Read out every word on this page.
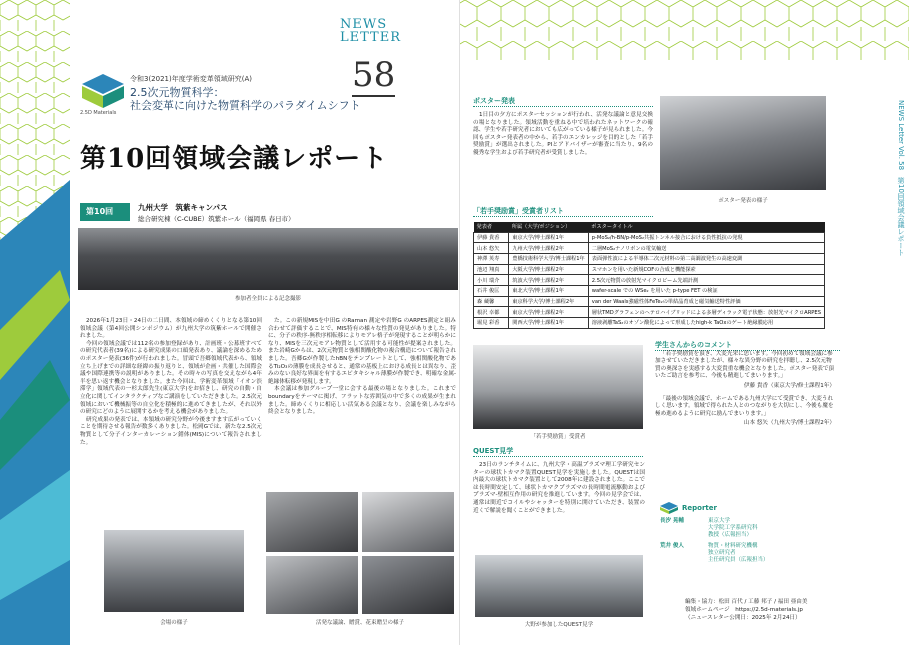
NEWS
LETTER
58
2.5D Materials
令和3(2021)年度学術変革領域研究(A)
2.5次元物質科学：
社会変革に向けた物質科学のパラダイムシフト
第10回領域会議レポート
第10回	九州大学　筑紫キャンパス
総合研究棟（C-CUBE）筑紫ホール（福岡県 春日市）
参加者全員による記念撮影

2026年1月23日・24日の二日間、本領域の締めくくりとなる第10回領域会議（第4回公開シンポジウム）が九州大学の筑紫ホールで開催されました。

今回の領域会議では112名の参加登録があり、計画班・公募班すべての研究代表者(39名)による研究成果の口頭発表あり、議論を深めるためのポスター発表(36件)が行われました。冒頭で吾郷領域代表から、領域立ち上げまでの詳細な経緯の振り返りと、領域が企画・共催した国際会議や国際連携等の説明がありました。その時々の写真を交えながら4年半を思い返す機会となりました。また今回は、学術変革領域「イオン渋滞学」領域代表の一杉太郎先生(東京大学)をお招きし、研究の自動・自立化に関してインタラクティブなご講演をしていただきました。2.5次元領域において機械振等の自立化を積極的に進めてきましたが、それ以外の研究にどのように展開するかを考える機会がありました。

研究成果の発表では、本領域の研究分野が今後ますます広がっていくことを期待させる報告が数多くありました。松岡Gでは、新たな2.5次元物質として分子インターカレーション錯体(MIS)について報告されました。

た。この新規MISを中田G のRaman 測定や岩野G のARPES測定と組み合わせて評価することで、MIS特有の様々な性質の発見がありました。特に、分子の秩序-無秩序相転移によりモアレ格子が発現することが明らかになり、MISを三次元モアレ物質として活用する可能性が提案されました。また岩崎Gからは、2次元物質と強相関酸化物の複合構造について報告されました。吾郷Gが作製したhBNをテンプレートとして、強相関酸化物であるTi₂O₃の薄膜を成長させると、通常の基板上における成長とは異なり、歪みのない良好な界面を有するエピタキシャル薄膜が作製でき、明確な金属-絶縁体転移が発現します。

本会議は参加グループ一堂に会する最後の場となりました。これまでboundaryをテーマに掲げ、フラットな雰囲気の中で多くの成果が生まれました。締めくくりに相応しい活気ある会議となり、会議を楽しみながら終会となりました。

会場の様子	活発な議論、贈賞、花束贈呈の様子
ポスター発表
1日目の夕方にポスターセッションが行われ、活発な議論と意見交換の場となりました。領域活動を重ねる中で培われたネットワークの確認、学生や若手研究者においても広がっている様子が見られました。今回もポスター発表者の中から、若手のエンカレッジを目的とした「若手奨励賞」が選出されました。PIとアドバイザーが審査に当たり、9名の優秀な学生および若手研究者が受賞しました。
ポスター発表の様子
「若手奨励賞」受賞者リスト
発表者	所属（大学/ポジション）	ポスタータイトル
伊藤 貴香	東京大学/博士課程1年	p-MoS₂/h-BN/p-MoS₂共振トンネル接合における負性抵抗の発現
山本 悠矢	九州大学/博士課程2年	二層MoS₂ナノリボンの電気輸送
神澤 英寿	豊橋技術科学大学/博士課程1年	表面弾性波による半導体二次元材料の第二高調波発生の高速変調
池辺 翔真	大阪大学/博士課程2年	スマホンを用いた新規COFの合成と機能探索
小川 瑞介	筑波大学/博士課程2年	2.5次元物質の放射光マイクロビーム先端計測
石井 俊匡	東北大学/博士課程1年	wafer-scale での WSe₂ を用いた p-type FET の検証
森 蔵馨	東京科学大学/博士課程2年	van der Waals強磁性体FeTe₂の単結晶育成と磁気輸送特性評価
根沢 幸都	東京大学/博士課程2年	層状TMDグラフェンのヘテロハイブリッドによる多層ディラック電子状態：放射光マイクロARPES
堀見 彩香	関西大学/博士課程1年	溶液剥離TaS₂のオゾン酸化によって形成したhigh-k TaOxのゲート絶縁膜応用
「若手奨励賞」受賞者
QUEST見学
23日のランチタイムに、九州大学・高温プラズマ理工学研究センターの球状トカマク装置QUEST見学を実施しました。QUESTは国内最大の球状トカマク装置として2008年に建設されました。ここでは長時間安定して、球状トカマクプラズマの長時間電流駆動およびプラズマ-壁相互作用の研究を推進しています。今回の見学会では、通常は間近でコイルやシャッターを特別に開けていただき、装置の近くで解説を聞くことができました。
大野が参加したQUEST見学
学生さんからのコメント

「若手奨励賞を頂き、大変光栄に思います。今回初めて領域会議に参加させていただきましたが、様々な異分野の研究を拝聴し、2.5次元物質の奥深さを実感する大変貴重な機会となりました。ポスター発表で頂いたご助言を参考に、今後も精進してまいります。」

伊藤 貴香（東京大学/修士課程1年）

「最後の領域会議で、ホームである九州大学にて受賞でき、大変うれしく思います。領域で得られた人とのつながりを大切にし、今後も魔を極め進めるように研究に励んでまいります。」

山本 悠矢（九州大学/博士課程2年）
Reporter
長汐 晃輔	東京大学
大学院工学系研究科
教授（広報担当）
荒井 俊人	物質・材料研究機構
独立研究者
主任研究員（広報担当）
編集・協力：松田 百代 / 工藤 邦子 / 福田 亜由美
領域ホームページ　https://2.5d-materials.jp
（ニュースレター公開日：2025年 2月24日）
NEWS Letter Vol. 58　第10回領域会議レポート
